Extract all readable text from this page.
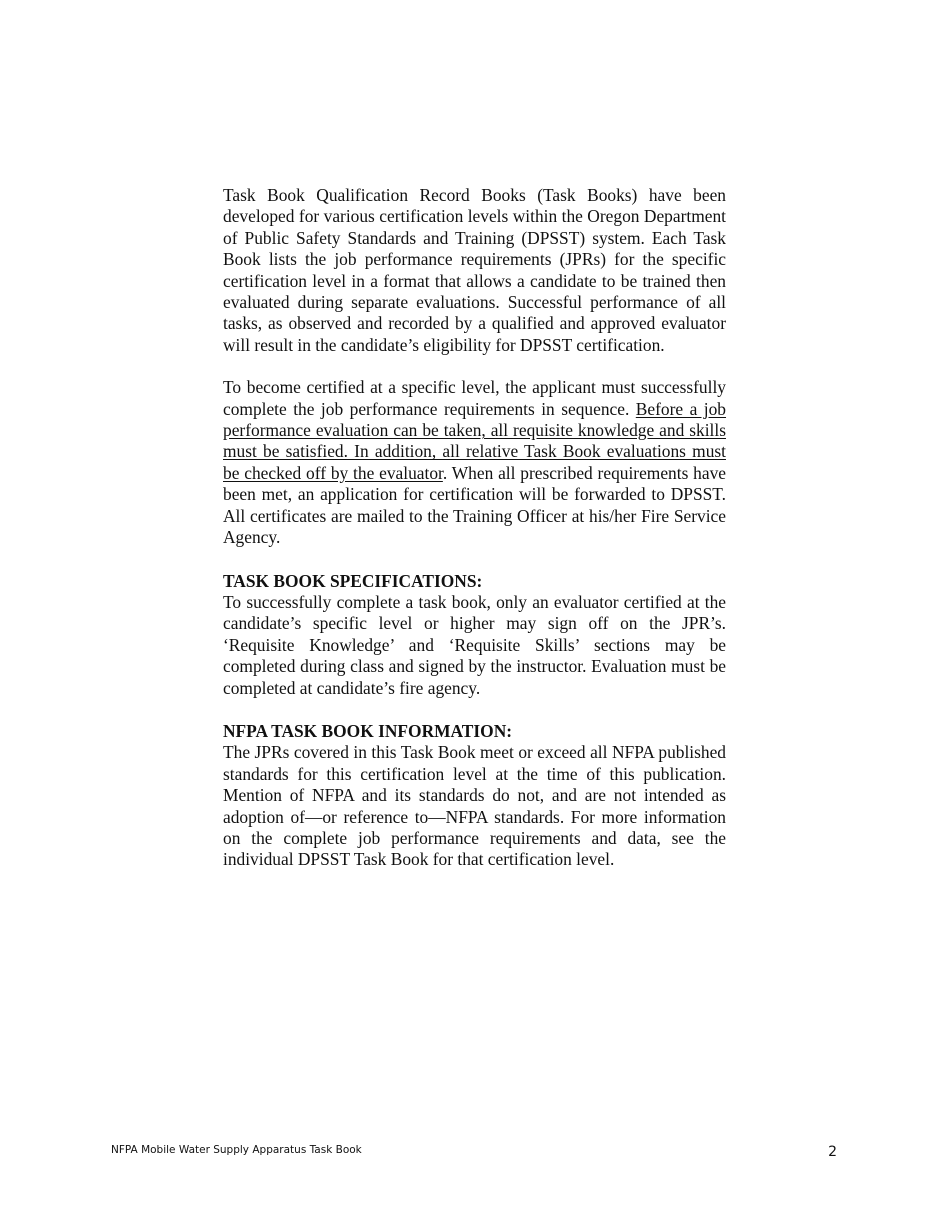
Task Book Qualification Record Books (Task Books) have been developed for various certification levels within the Oregon Department of Public Safety Standards and Training (DPSST) system. Each Task Book lists the job performance requirements (JPRs) for the specific certification level in a format that allows a candidate to be trained then evaluated during separate evaluations. Successful performance of all tasks, as observed and recorded by a qualified and approved evaluator will result in the candidate’s eligibility for DPSST certification.

To become certified at a specific level, the applicant must successfully complete the job performance requirements in sequence. Before a job performance evaluation can be taken, all requisite knowledge and skills must be satisfied. In addition, all relative Task Book evaluations must be checked off by the evaluator. When all prescribed requirements have been met, an application for certification will be forwarded to DPSST. All certificates are mailed to the Training Officer at his/her Fire Service Agency.

TASK BOOK SPECIFICATIONS:

To successfully complete a task book, only an evaluator certified at the candidate’s specific level or higher may sign off on the JPR’s. ‘Requisite Knowledge’ and ‘Requisite Skills’ sections may be completed during class and signed by the instructor. Evaluation must be completed at candidate’s fire agency.

NFPA TASK BOOK INFORMATION:

The JPRs covered in this Task Book meet or exceed all NFPA published standards for this certification level at the time of this publication. Mention of NFPA and its standards do not, and are not intended as adoption of—or reference to—NFPA standards. For more information on the complete job performance requirements and data, see the individual DPSST Task Book for that certification level.

NFPA Mobile Water Supply Apparatus Task Book	2
